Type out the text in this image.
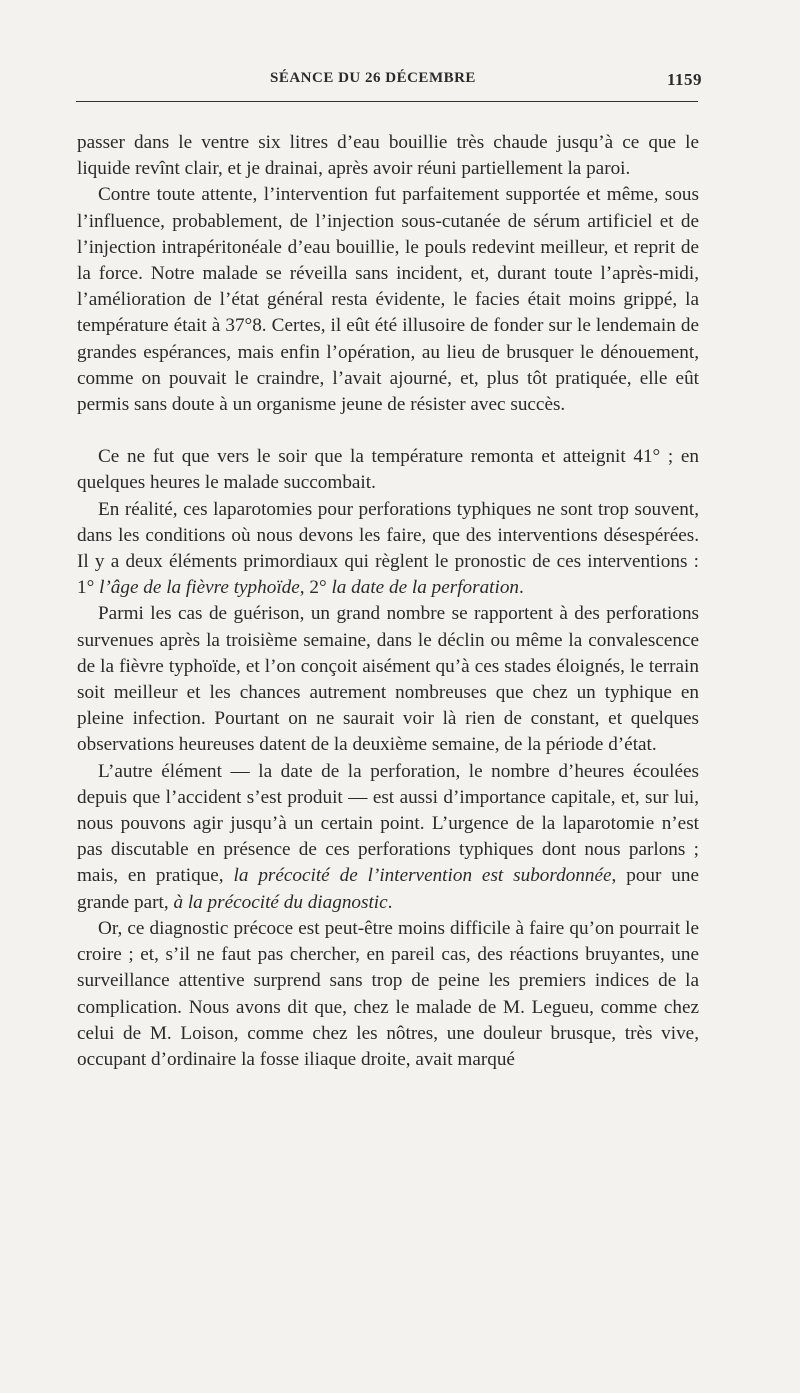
SÉANCE DU 26 DÉCEMBRE	1159

passer dans le ventre six litres d’eau bouillie très chaude jusqu’à ce que le liquide revînt clair, et je drainai, après avoir réuni partiellement la paroi.

Contre toute attente, l’intervention fut parfaitement supportée et même, sous l’influence, probablement, de l’injection sous-cutanée de sérum artificiel et de l’injection intrapéritonéale d’eau bouillie, le pouls redevint meilleur, et reprit de la force. Notre malade se réveilla sans incident, et, durant toute l’après-midi, l’amélioration de l’état général resta évidente, le facies était moins grippé, la température était à 37°8. Certes, il eût été illusoire de fonder sur le lendemain de grandes espérances, mais enfin l’opération, au lieu de brusquer le dénouement, comme on pouvait le craindre, l’avait ajourné, et, plus tôt pratiquée, elle eût permis sans doute à un organisme jeune de résister avec succès.

Ce ne fut que vers le soir que la température remonta et atteignit 41° ; en quelques heures le malade succombait.

En réalité, ces laparotomies pour perforations typhiques ne sont trop souvent, dans les conditions où nous devons les faire, que des interventions désespérées. Il y a deux éléments primordiaux qui règlent le pronostic de ces interventions : 1° l’âge de la fièvre typhoïde, 2° la date de la perforation.

Parmi les cas de guérison, un grand nombre se rapportent à des perforations survenues après la troisième semaine, dans le déclin ou même la convalescence de la fièvre typhoïde, et l’on conçoit aisément qu’à ces stades éloignés, le terrain soit meilleur et les chances autrement nombreuses que chez un typhique en pleine infection. Pourtant on ne saurait voir là rien de constant, et quelques observations heureuses datent de la deuxième semaine, de la période d’état.

L’autre élément — la date de la perforation, le nombre d’heures écoulées depuis que l’accident s’est produit — est aussi d’importance capitale, et, sur lui, nous pouvons agir jusqu’à un certain point. L’urgence de la laparotomie n’est pas discutable en présence de ces perforations typhiques dont nous parlons ; mais, en pratique, la précocité de l’intervention est subordonnée, pour une grande part, à la précocité du diagnostic.

Or, ce diagnostic précoce est peut-être moins difficile à faire qu’on pourrait le croire ; et, s’il ne faut pas chercher, en pareil cas, des réactions bruyantes, une surveillance attentive surprend sans trop de peine les premiers indices de la complication. Nous avons dit que, chez le malade de M. Legueu, comme chez celui de M. Loison, comme chez les nôtres, une douleur brusque, très vive, occupant d’ordinaire la fosse iliaque droite, avait marqué
